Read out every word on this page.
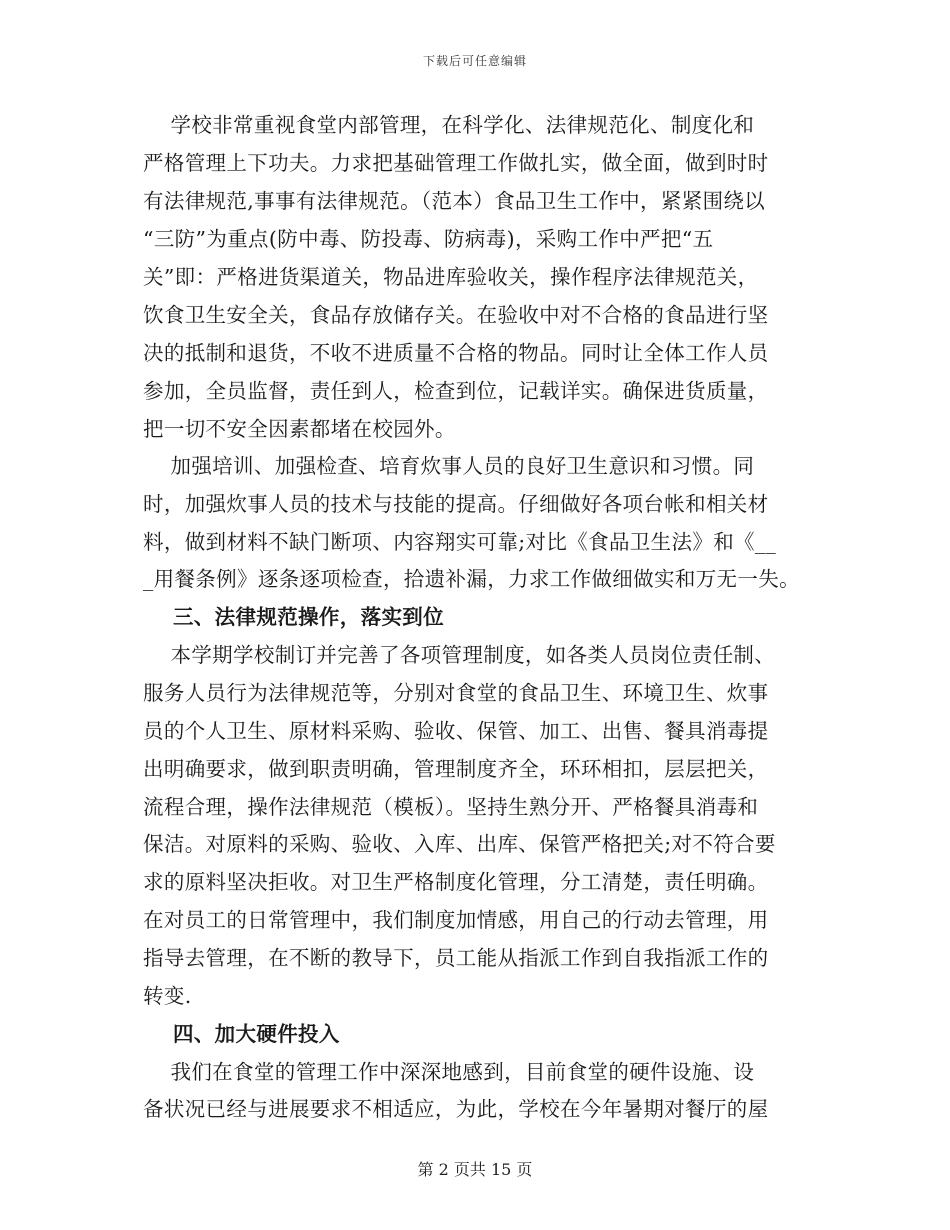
下载后可任意编辑
学校非常重视食堂内部管理，在科学化、法律规范化、制度化和
严格管理上下功夫。力求把基础管理工作做扎实，做全面，做到时时
有法律规范,事事有法律规范。（范本）食品卫生工作中，紧紧围绕以
“三防”为重点(防中毒、防投毒、防病毒)，采购工作中严把“五
关”即：严格进货渠道关，物品进库验收关，操作程序法律规范关，
饮食卫生安全关，食品存放储存关。在验收中对不合格的食品进行坚
决的抵制和退货，不收不进质量不合格的物品。同时让全体工作人员
参加，全员监督，责任到人，检查到位，记载详实。确保进货质量，
把一切不安全因素都堵在校园外。
加强培训、加强检查、培育炊事人员的良好卫生意识和习惯。同
时，加强炊事人员的技术与技能的提高。仔细做好各项台帐和相关材
料，做到材料不缺门断项、内容翔实可靠;对比《食品卫生法》和《__
_用餐条例》逐条逐项检查，拾遗补漏，力求工作做细做实和万无一失。
三、法律规范操作，落实到位
本学期学校制订并完善了各项管理制度，如各类人员岗位责任制、
服务人员行为法律规范等，分别对食堂的食品卫生、环境卫生、炊事
员的个人卫生、原材料采购、验收、保管、加工、出售、餐具消毒提
出明确要求，做到职责明确，管理制度齐全，环环相扣，层层把关，
流程合理，操作法律规范（模板）。坚持生熟分开、严格餐具消毒和
保洁。对原料的采购、验收、入库、出库、保管严格把关;对不符合要
求的原料坚决拒收。对卫生严格制度化管理，分工清楚，责任明确。
在对员工的日常管理中，我们制度加情感，用自己的行动去管理，用
指导去管理，在不断的教导下，员工能从指派工作到自我指派工作的
转变.
四、加大硬件投入
我们在食堂的管理工作中深深地感到，目前食堂的硬件设施、设
备状况已经与进展要求不相适应，为此，学校在今年暑期对餐厅的屋
第 2 页共 15 页
